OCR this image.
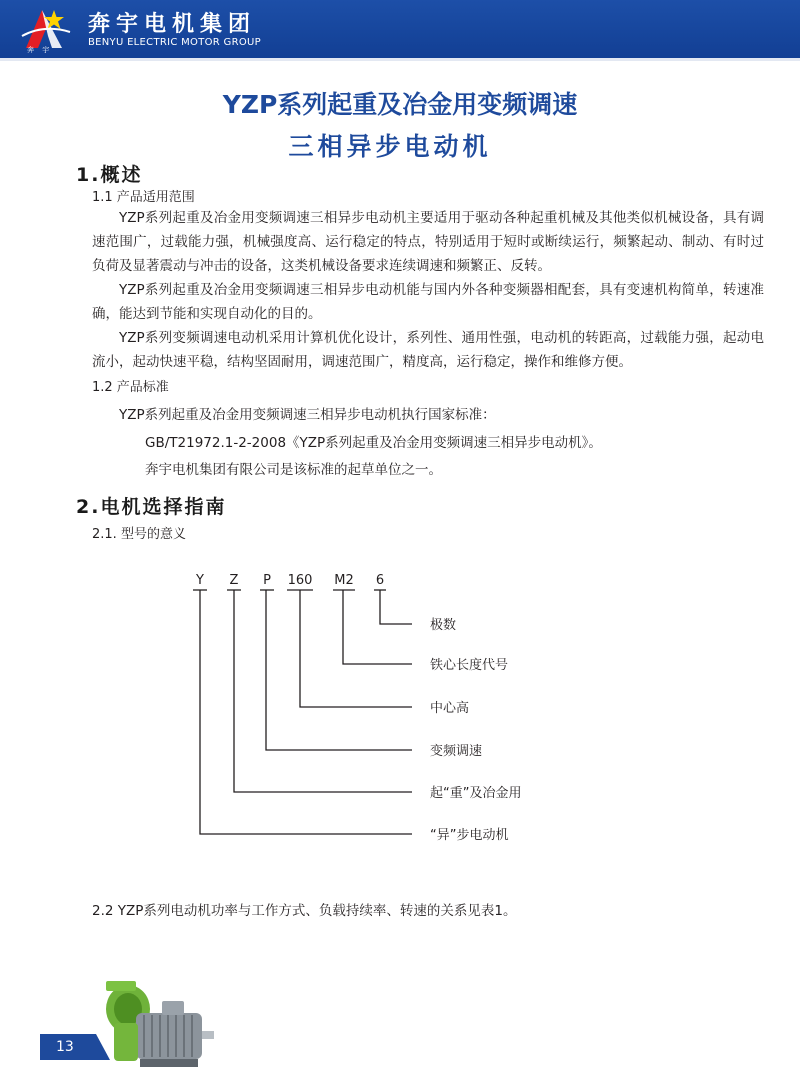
奔 宇
奔宇电机集团
BENYU ELECTRIC MOTOR GROUP
YZP系列起重及冶金用变频调速
三相异步电动机
1.概述
1.1 产品适用范围

YZP系列起重及冶金用变频调速三相异步电动机主要适用于驱动各种起重机械及其他类似机械设备，具有调速范围广，过载能力强，机械强度高、运行稳定的特点，特别适用于短时或断续运行，频繁起动、制动、有时过负荷及显著震动与冲击的设备，这类机械设备要求连续调速和频繁正、反转。

YZP系列起重及冶金用变频调速三相异步电动机能与国内外各种变频器相配套，具有变速机构简单，转速准确，能达到节能和实现自动化的目的。

YZP系列变频调速电动机采用计算机优化设计，系列性、通用性强，电动机的转距高，过载能力强，起动电流小，起动快速平稳，结构坚固耐用，调速范围广，精度高，运行稳定，操作和维修方便。

1.2 产品标准
YZP系列起重及冶金用变频调速三相异步电动机执行国家标准：
GB/T21972.1-2-2008《YZP系列起重及冶金用变频调速三相异步电动机》。
奔宇电机集团有限公司是该标准的起草单位之一。
2.电机选择指南
2.1. 型号的意义
Y Z P 160 M2 6
极数
铁心长度代号
中心高
变频调速
起“重”及冶金用
“异”步电动机
2.2 YZP系列电动机功率与工作方式、负载持续率、转速的关系见表1。
13
